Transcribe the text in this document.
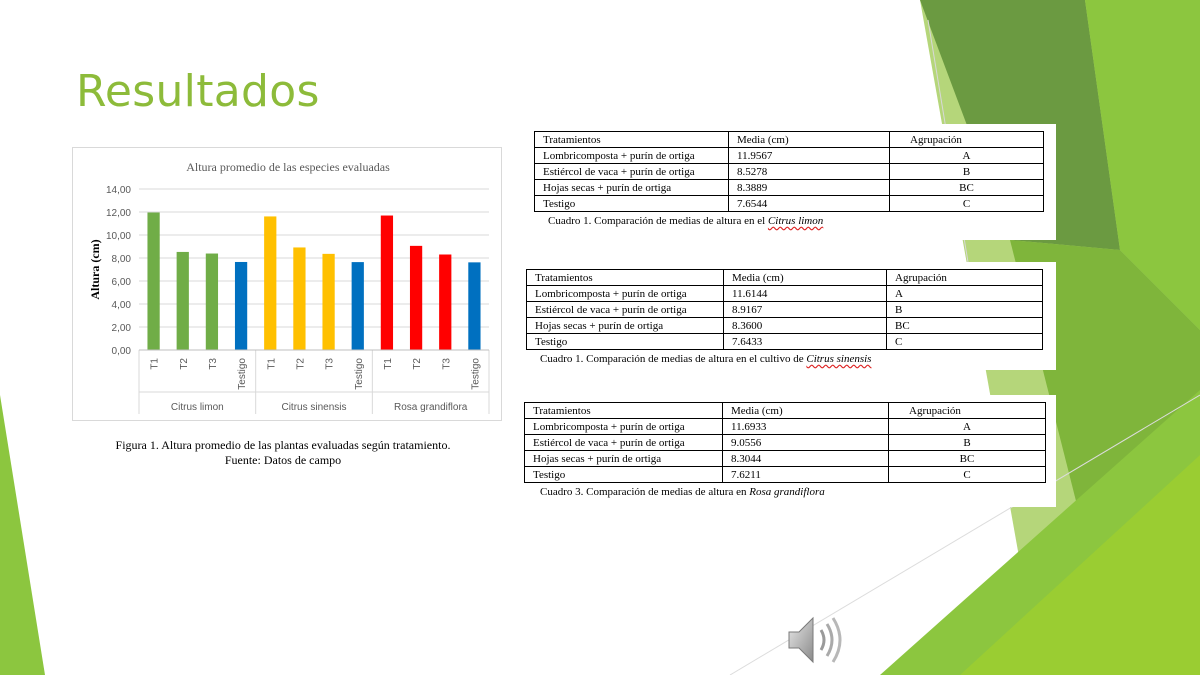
Resultados
Altura promedio de las especies evaluadas
0,00
2,00
4,00
6,00
8,00
10,00
12,00
14,00
Altura (cm)
T1 T2 T3 Testigo
Citrus limon
T1 T2 T3 Testigo
Citrus sinensis
T1 T2 T3 Testigo
Rosa grandiflora
Figura 1. Altura promedio de las plantas evaluadas según tratamiento.
Fuente: Datos de campo
Tratamientos	Media (cm)	Agrupación
Lombricomposta + purín de ortiga	11.9567	A
Estiércol de vaca + purín de ortiga	8.5278	B
Hojas secas + purín de ortiga	8.3889	BC
Testigo	7.6544	C
Cuadro 1. Comparación de medias de altura en el Citrus limon
Tratamientos	Media (cm)	Agrupación
Lombricomposta + purín de ortiga	11.6144	A
Estiércol de vaca + purín de ortiga	8.9167	B
Hojas secas + purín de ortiga	8.3600	BC
Testigo	7.6433	C
Cuadro 1. Comparación de medias de altura en el cultivo de Citrus sinensis
Tratamientos	Media (cm)	Agrupación
Lombricomposta + purín de ortiga	11.6933	A
Estiércol de vaca + purín de ortiga	9.0556	B
Hojas secas + purín de ortiga	8.3044	BC
Testigo	7.6211	C
Cuadro 3. Comparación de medias de altura en Rosa grandiflora
